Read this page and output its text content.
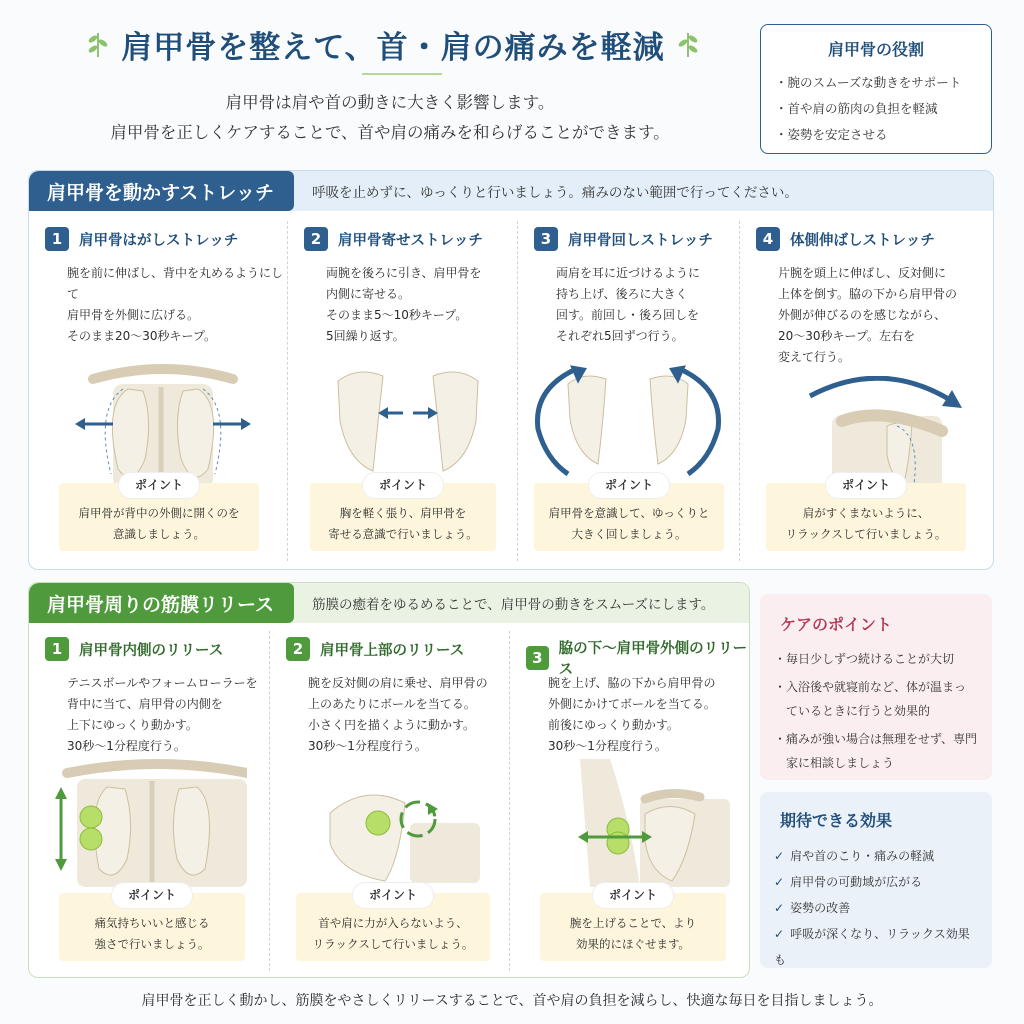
肩甲骨を整えて、首・肩の痛みを軽減
肩甲骨は肩や首の動きに大きく影響します。
肩甲骨を正しくケアすることで、首や肩の痛みを和らげることができます。
肩甲骨の役割
・ 腕のスムーズな動きをサポート
・ 首や肩の筋肉の負担を軽減
・ 姿勢を安定させる
肩甲骨を動かすストレッチ	呼吸を止めずに、ゆっくりと行いましょう。痛みのない範囲で行ってください。
1	肩甲骨はがしストレッチ
腕を前に伸ばし、背中を丸めるようにして
肩甲骨を外側に広げる。
そのまま20〜30秒キープ。
ポイント
肩甲骨が背中の外側に開くのを
意識しましょう。
2	肩甲骨寄せストレッチ
両腕を後ろに引き、肩甲骨を
内側に寄せる。
そのまま5〜10秒キープ。
5回繰り返す。
ポイント
胸を軽く張り、肩甲骨を
寄せる意識で行いましょう。
3	肩甲骨回しストレッチ
両肩を耳に近づけるように
持ち上げ、後ろに大きく
回す。前回し・後ろ回しを
それぞれ5回ずつ行う。
ポイント
肩甲骨を意識して、ゆっくりと
大きく回しましょう。
4	体側伸ばしストレッチ
片腕を頭上に伸ばし、反対側に
上体を倒す。脇の下から肩甲骨の
外側が伸びるのを感じながら、
20〜30秒キープ。左右を
変えて行う。
ポイント
肩がすくまないように、
リラックスして行いましょう。
肩甲骨周りの筋膜リリース	筋膜の癒着をゆるめることで、肩甲骨の動きをスムーズにします。
1	肩甲骨内側のリリース
テニスボールやフォームローラーを
背中に当て、肩甲骨の内側を
上下にゆっくり動かす。
30秒〜1分程度行う。
ポイント
痛気持ちいいと感じる
強さで行いましょう。
2	肩甲骨上部のリリース
腕を反対側の肩に乗せ、肩甲骨の
上のあたりにボールを当てる。
小さく円を描くように動かす。
30秒〜1分程度行う。
ポイント
首や肩に力が入らないよう、
リラックスして行いましょう。
3	脇の下〜肩甲骨外側のリリース
腕を上げ、脇の下から肩甲骨の
外側にかけてボールを当てる。
前後にゆっくり動かす。
30秒〜1分程度行う。
ポイント
腕を上げることで、より
効果的にほぐせます。
ケアのポイント
・ 毎日少しずつ続けることが大切
・ 入浴後や就寝前など、体が温まっているときに行うと効果的
・ 痛みが強い場合は無理をせず、専門家に相談しましょう
期待できる効果
✓ 肩や首のこり・痛みの軽減
✓ 肩甲骨の可動域が広がる
✓ 姿勢の改善
✓ 呼吸が深くなり、リラックス効果も
肩甲骨を正しく動かし、筋膜をやさしくリリースすることで、首や肩の負担を減らし、快適な毎日を目指しましょう。
